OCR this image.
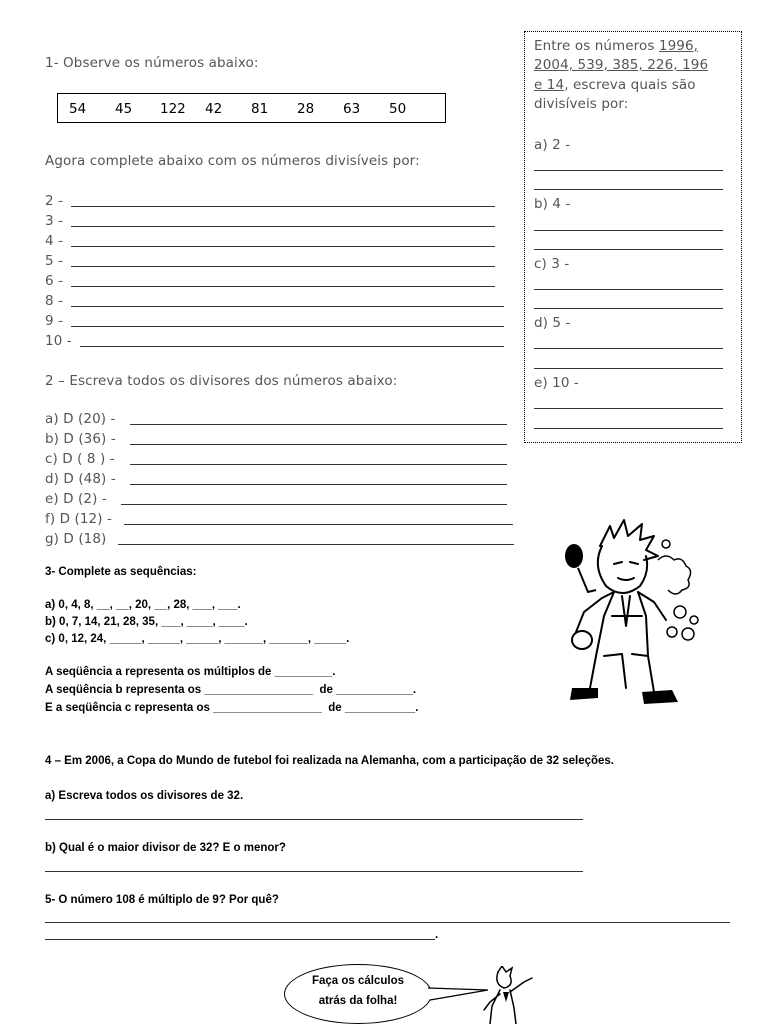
1- Observe os números abaixo:
54 45 122 42 81 28 63 50
Agora complete abaixo com os números divisíveis por:
2 -
3 -
4 -
5 -
6 -
8 -
9 -
10 -
Entre os números 1996,
2004, 539, 385, 226, 196
e 14, escreva quais são
divisíveis por:
a) 2 -
b) 4 -
c) 3 -
d) 5 -
e) 10 -
2 – Escreva todos os divisores dos números abaixo:
a) D (20) -
b) D (36) -
c) D ( 8 ) -
d) D (48) -
e) D (2) -
f) D (12) -
g) D (18)
3- Complete as sequências:
a) 0, 4, 8, __, __, 20, __, 28, ___, ___.
b) 0, 7, 14, 21, 28, 35, ___, ____, ____.
c) 0, 12, 24, _____, _____, _____, ______, ______, _____.
A seqüência a representa os múltiplos de _________.
A seqüência b representa os _________________  de ____________.
E a seqüência c representa os _________________  de ___________.
4 – Em 2006, a Copa do Mundo de futebol foi realizada na Alemanha, com a participação de 32 seleções.
a) Escreva todos os divisores de 32.
b) Qual é o maior divisor de 32? E o menor?
5- O número 108 é múltiplo de 9? Por quê?
.
Faça os cálculos
atrás da folha!
